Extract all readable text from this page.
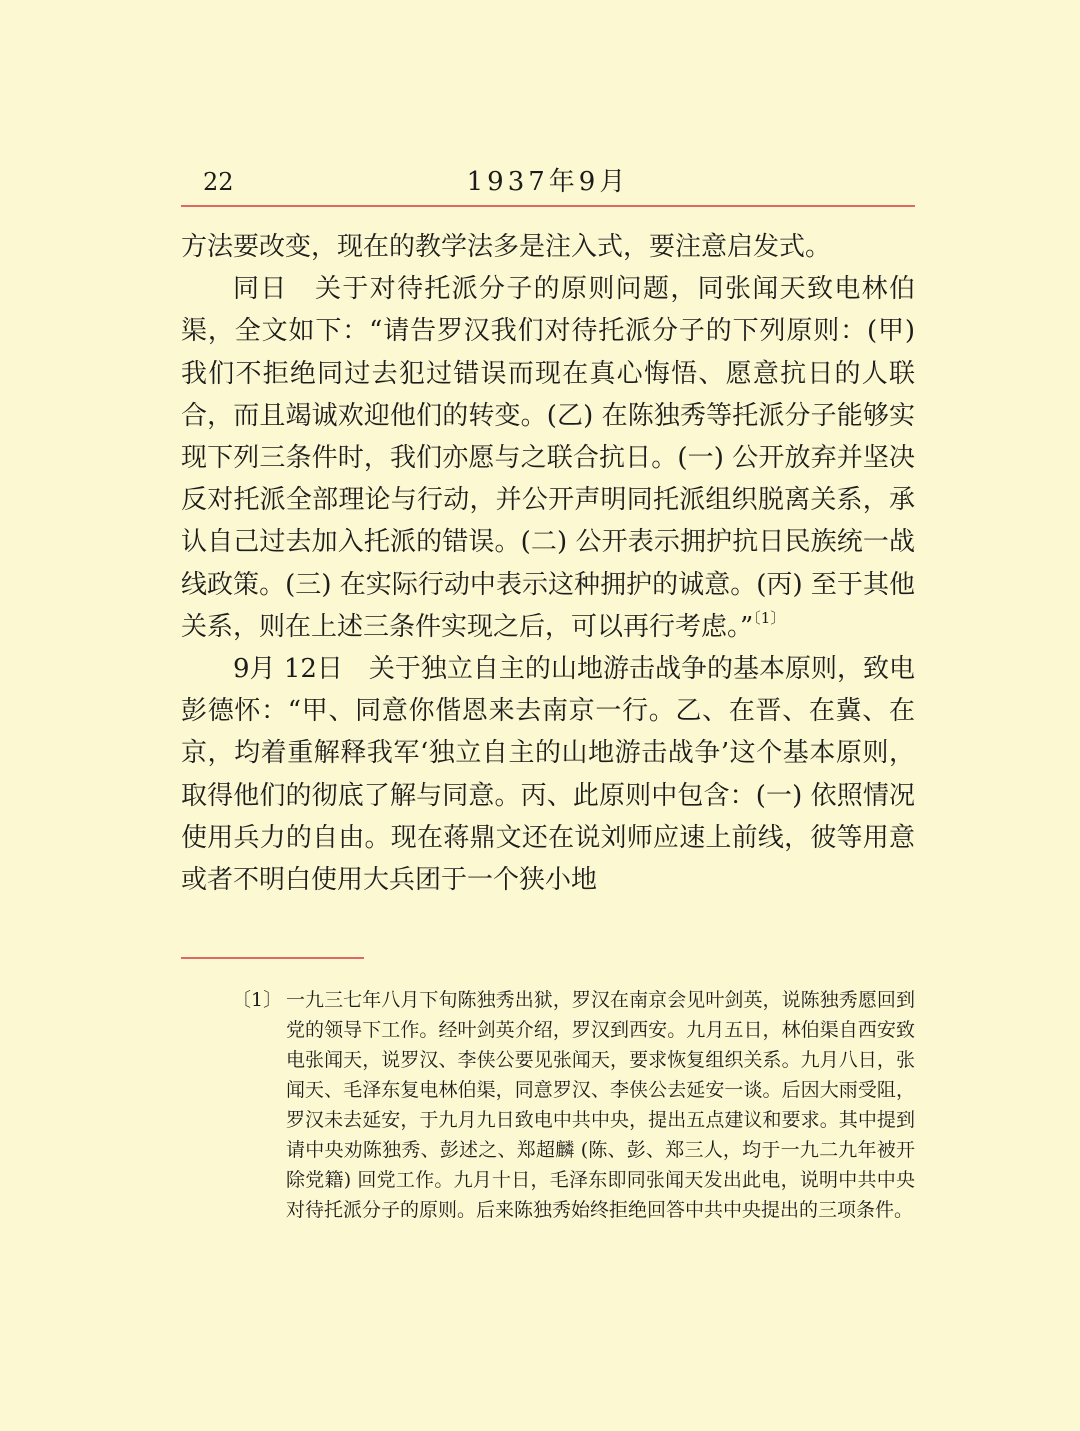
22	1937年9月

方法要改变，现在的教学法多是注入式，要注意启发式。

同日　关于对待托派分子的原则问题，同张闻天致电林伯渠，全文如下：“请告罗汉我们对待托派分子的下列原则：(甲) 我们不拒绝同过去犯过错误而现在真心悔悟、愿意抗日的人联合，而且竭诚欢迎他们的转变。(乙) 在陈独秀等托派分子能够实现下列三条件时，我们亦愿与之联合抗日。(一) 公开放弃并坚决反对托派全部理论与行动，并公开声明同托派组织脱离关系，承认自己过去加入托派的错误。(二) 公开表示拥护抗日民族统一战线政策。(三) 在实际行动中表示这种拥护的诚意。(丙) 至于其他关系，则在上述三条件实现之后，可以再行考虑。”$^{〔1〕}$

9月 12日　关于独立自主的山地游击战争的基本原则，致电彭德怀：“甲、同意你偕恩来去南京一行。乙、在晋、在冀、在京，均着重解释我军‘独立自主的山地游击战争’这个基本原则，取得他们的彻底了解与同意。丙、此原则中包含：(一) 依照情况使用兵力的自由。现在蒋鼎文还在说刘师应速上前线，彼等用意或者不明白使用大兵团于一个狭小地

〔1〕 一九三七年八月下旬陈独秀出狱，罗汉在南京会见叶剑英，说陈独秀愿回到党的领导下工作。经叶剑英介绍，罗汉到西安。九月五日，林伯渠自西安致电张闻天，说罗汉、李侠公要见张闻天，要求恢复组织关系。九月八日，张闻天、毛泽东复电林伯渠，同意罗汉、李侠公去延安一谈。后因大雨受阻，罗汉未去延安，于九月九日致电中共中央，提出五点建议和要求。其中提到请中央劝陈独秀、彭述之、郑超麟 (陈、彭、郑三人，均于一九二九年被开除党籍) 回党工作。九月十日，毛泽东即同张闻天发出此电，说明中共中央对待托派分子的原则。后来陈独秀始终拒绝回答中共中央提出的三项条件。
